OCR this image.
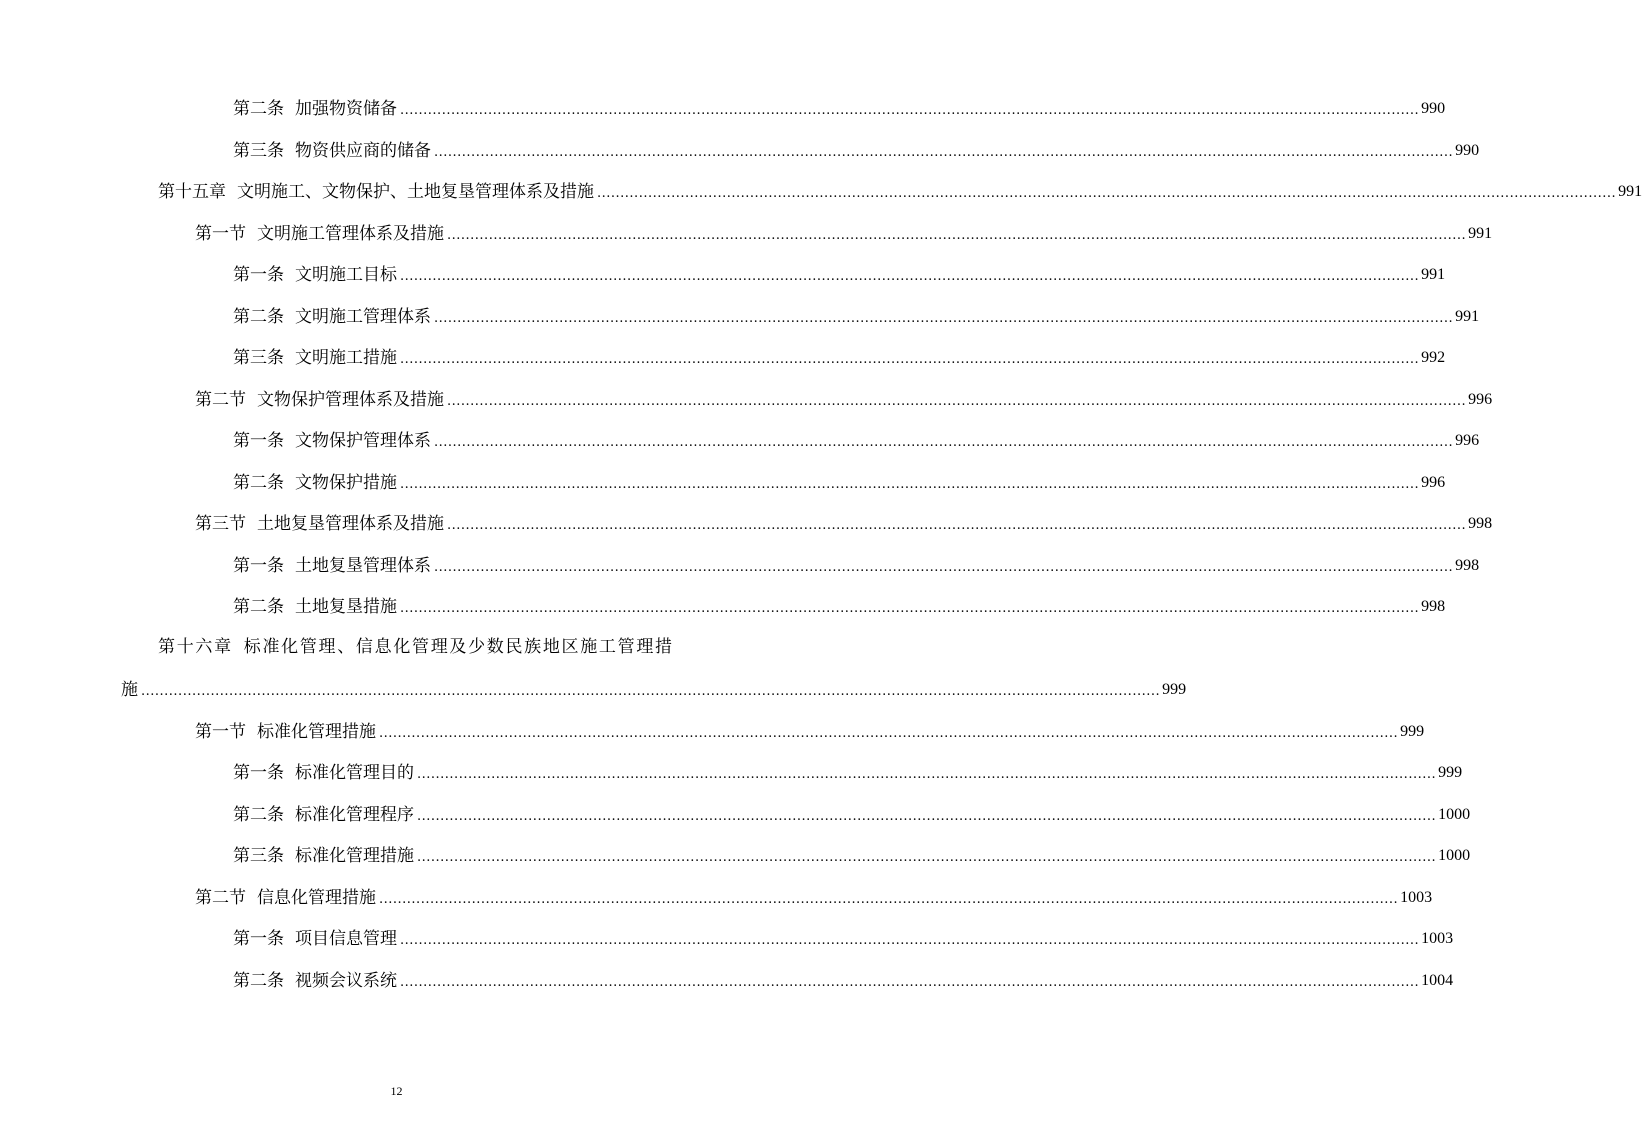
第二条 加强物资储备 ............................................................................................................................................................................................................................ 990
第三条 物资供应商的储备 ............................................................................................................................................................................................................................ 990
第十五章 文明施工、文物保护、土地复垦管理体系及措施 ............................................................................................................................................................................................................................ 991
第一节 文明施工管理体系及措施 ............................................................................................................................................................................................................................ 991
第一条 文明施工目标 ............................................................................................................................................................................................................................ 991
第二条 文明施工管理体系 ............................................................................................................................................................................................................................ 991
第三条 文明施工措施 ............................................................................................................................................................................................................................ 992
第二节 文物保护管理体系及措施 ............................................................................................................................................................................................................................ 996
第一条 文物保护管理体系 ............................................................................................................................................................................................................................ 996
第二条 文物保护措施 ............................................................................................................................................................................................................................ 996
第三节 土地复垦管理体系及措施 ............................................................................................................................................................................................................................ 998
第一条 土地复垦管理体系 ............................................................................................................................................................................................................................ 998
第二条 土地复垦措施 ............................................................................................................................................................................................................................ 998
第十六章 标准化管理、信息化管理及少数民族地区施工管理措
施 ............................................................................................................................................................................................................................ 999
第一节 标准化管理措施 ............................................................................................................................................................................................................................ 999
第一条 标准化管理目的 ............................................................................................................................................................................................................................ 999
第二条 标准化管理程序 ............................................................................................................................................................................................................................ 1000
第三条 标准化管理措施 ............................................................................................................................................................................................................................ 1000
第二节 信息化管理措施 ............................................................................................................................................................................................................................ 1003
第一条 项目信息管理 ............................................................................................................................................................................................................................ 1003
第二条 视频会议系统 ............................................................................................................................................................................................................................ 1004
12
